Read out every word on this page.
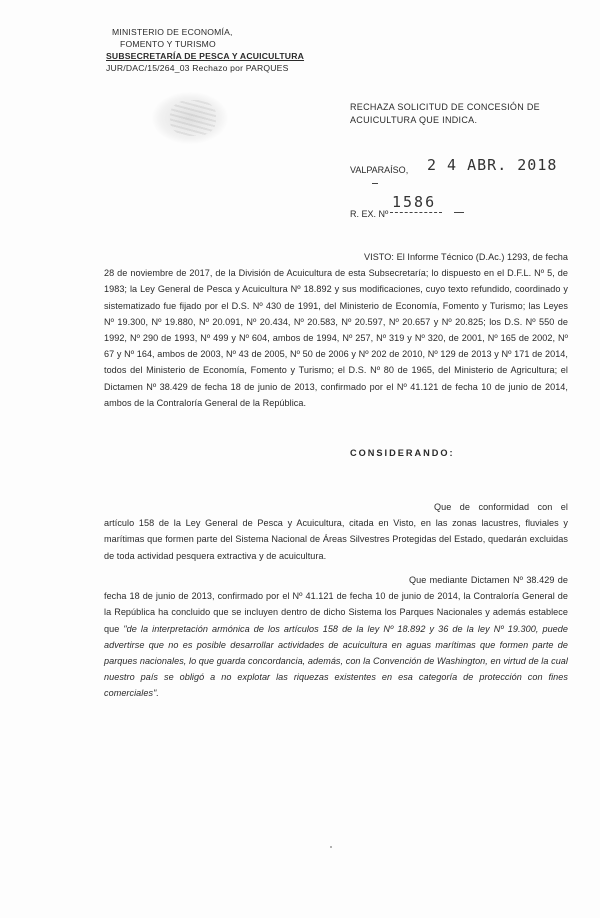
MINISTERIO DE ECONOMÍA,
FOMENTO Y TURISMO
SUBSECRETARÍA DE PESCA Y ACUICULTURA
JUR/DAC/15/264_03 Rechazo por PARQUES
RECHAZA SOLICITUD DE CONCESIÓN DE
ACUICULTURA QUE INDICA.
VALPARAÍSO, 2 4 ABR. 2018
R. EX. Nº
1586
VISTO: El Informe Técnico (D.Ac.) 1293, de fecha 28 de noviembre de 2017, de la División de Acuicultura de esta Subsecretaría; lo dispuesto en el D.F.L. Nº 5, de 1983; la Ley General de Pesca y Acuicultura Nº 18.892 y sus modificaciones, cuyo texto refundido, coordinado y sistematizado fue fijado por el D.S. Nº 430 de 1991, del Ministerio de Economía, Fomento y Turismo; las Leyes Nº 19.300, Nº 19.880, Nº 20.091, Nº 20.434, Nº 20.583, Nº 20.597, Nº 20.657 y Nº 20.825; los D.S. Nº 550 de 1992, Nº 290 de 1993, Nº 499 y Nº 604, ambos de 1994, Nº 257, Nº 319 y Nº 320, de 2001, Nº 165 de 2002, Nº 67 y Nº 164, ambos de 2003, Nº 43 de 2005, Nº 50 de 2006 y Nº 202 de 2010, Nº 129 de 2013 y Nº 171 de 2014, todos del Ministerio de Economía, Fomento y Turismo; el D.S. Nº 80 de 1965, del Ministerio de Agricultura; el Dictamen Nº 38.429 de fecha 18 de junio de 2013, confirmado por el Nº 41.121 de fecha 10 de junio de 2014, ambos de la Contraloría General de la República.
CONSIDERANDO:
Que de conformidad con el artículo 158 de la Ley General de Pesca y Acuicultura, citada en Visto, en las zonas lacustres, fluviales y marítimas que formen parte del Sistema Nacional de Áreas Silvestres Protegidas del Estado, quedarán excluidas de toda actividad pesquera extractiva y de acuicultura.
Que mediante Dictamen Nº 38.429 de fecha 18 de junio de 2013, confirmado por el Nº 41.121 de fecha 10 de junio de 2014, la Contraloría General de la República ha concluido que se incluyen dentro de dicho Sistema los Parques Nacionales y además establece que "de la interpretación armónica de los artículos 158 de la ley Nº 18.892 y 36 de la ley Nº 19.300, puede advertirse que no es posible desarrollar actividades de acuicultura en aguas marítimas que formen parte de parques nacionales, lo que guarda concordancia, además, con la Convención de Washington, en virtud de la cual nuestro país se obligó a no explotar las riquezas existentes en esa categoría de protección con fines comerciales".
